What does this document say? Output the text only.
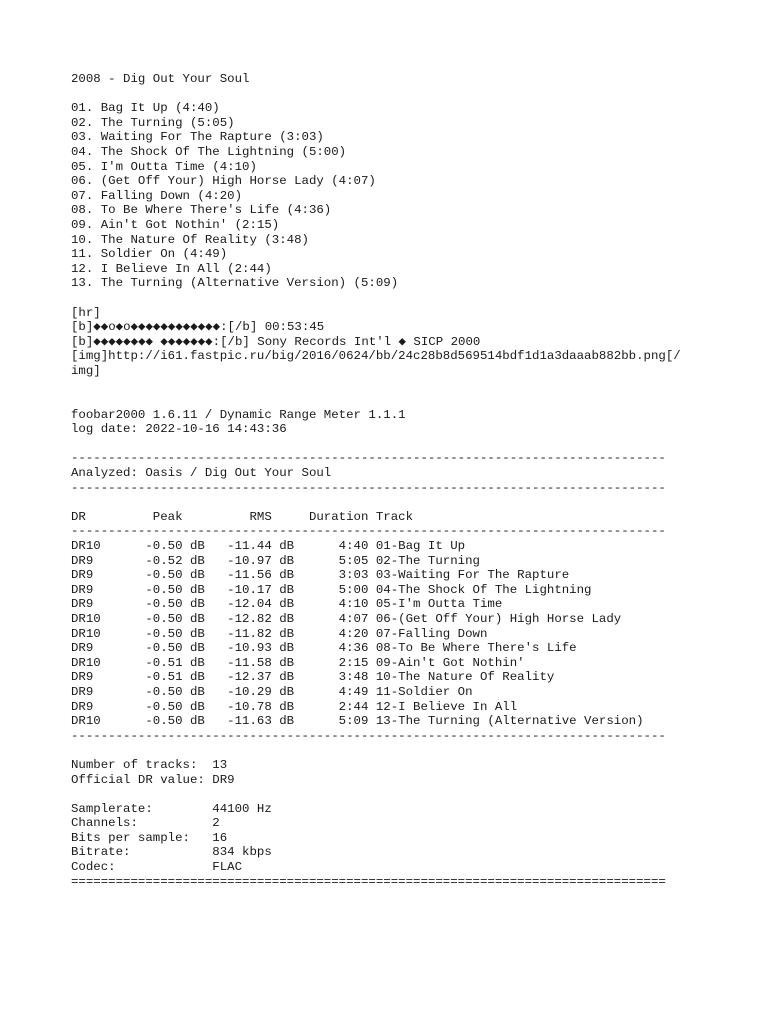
2008 - Dig Out Your Soul
01. Bag It Up (4:40)
02. The Turning (5:05)
03. Waiting For The Rapture (3:03)
04. The Shock Of The Lightning (5:00)
05. I'm Outta Time (4:10)
06. (Get Off Your) High Horse Lady (4:07)
07. Falling Down (4:20)
08. To Be Where There's Life (4:36)
09. Ain't Got Nothin' (2:15)
10. The Nature Of Reality (3:48)
11. Soldier On (4:49)
12. I Believe In All (2:44)
13. The Turning (Alternative Version) (5:09)
[hr]
[b]◆◆о◆о◆◆◆◆◆◆◆◆◆◆◆◆:[/b] 00:53:45
[b]◆◆◆◆◆◆◆◆ ◆◆◆◆◆◆◆:[/b] Sony Records Int'l ◆ SICP 2000
[img]http://i61.fastpic.ru/big/2016/0624/bb/24c28b8d569514bdf1d1a3daaab882bb.png[/
img]
foobar2000 1.6.11 / Dynamic Range Meter 1.1.1
log date: 2022-10-16 14:43:36
--------------------------------------------------------------------------------
Analyzed: Oasis / Dig Out Your Soul
--------------------------------------------------------------------------------
DR         Peak         RMS     Duration Track
--------------------------------------------------------------------------------
DR10      -0.50 dB   -11.44 dB      4:40 01-Bag It Up
DR9       -0.52 dB   -10.97 dB      5:05 02-The Turning
DR9       -0.50 dB   -11.56 dB      3:03 03-Waiting For The Rapture
DR9       -0.50 dB   -10.17 dB      5:00 04-The Shock Of The Lightning
DR9       -0.50 dB   -12.04 dB      4:10 05-I'm Outta Time
DR10      -0.50 dB   -12.82 dB      4:07 06-(Get Off Your) High Horse Lady
DR10      -0.50 dB   -11.82 dB      4:20 07-Falling Down
DR9       -0.50 dB   -10.93 dB      4:36 08-To Be Where There's Life
DR10      -0.51 dB   -11.58 dB      2:15 09-Ain't Got Nothin'
DR9       -0.51 dB   -12.37 dB      3:48 10-The Nature Of Reality
DR9       -0.50 dB   -10.29 dB      4:49 11-Soldier On
DR9       -0.50 dB   -10.78 dB      2:44 12-I Believe In All
DR10      -0.50 dB   -11.63 dB      5:09 13-The Turning (Alternative Version)
--------------------------------------------------------------------------------
Number of tracks:  13
Official DR value: DR9
Samplerate:        44100 Hz
Channels:          2
Bits per sample:   16
Bitrate:           834 kbps
Codec:             FLAC
================================================================================
